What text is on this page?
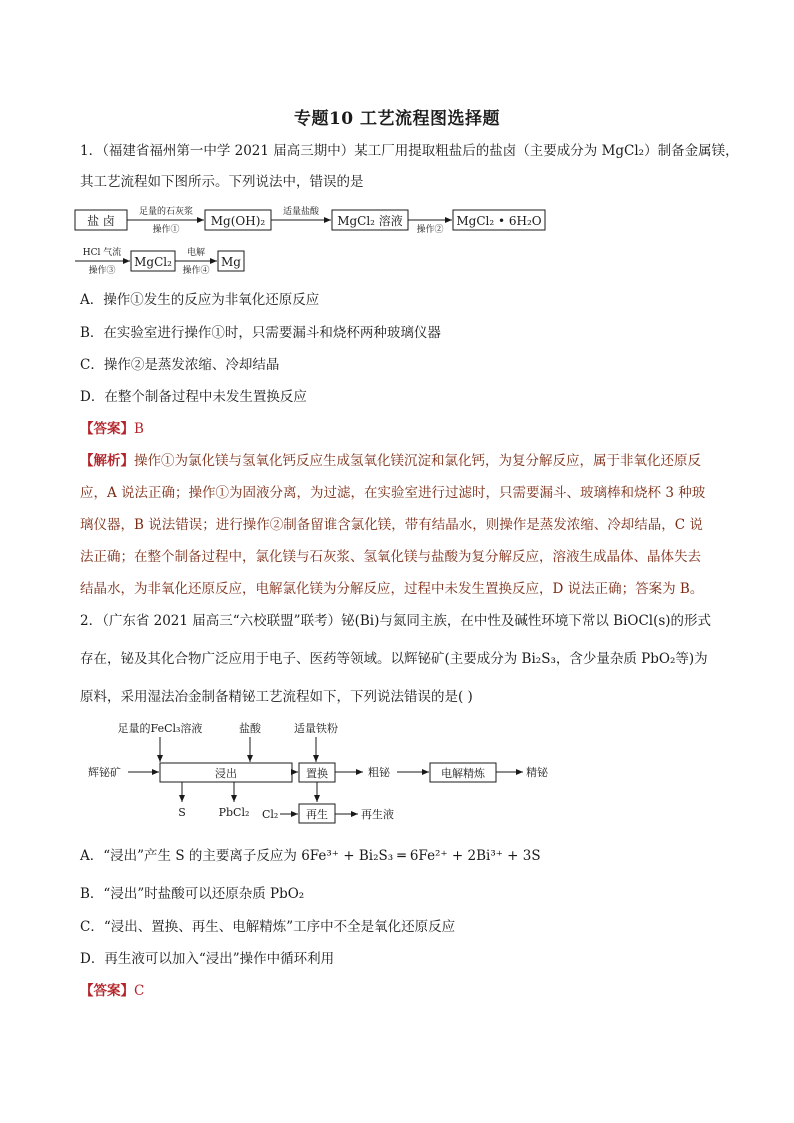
专题10 工艺流程图选择题
1．（福建省福州第一中学 2021 届高三期中）某工厂用提取粗盐后的盐卤（主要成分为 MgCl₂）制备金属镁，
其工艺流程如下图所示。下列说法中，错误的是
盐 卤
足量的石灰浆
操作①
Mg(OH)₂
适量盐酸
MgCl₂ 溶液
操作②
MgCl₂ • 6H₂O
HCl 气流
操作③
MgCl₂
电解
操作④
Mg
A．操作①发生的反应为非氧化还原反应
B．在实验室进行操作①时，只需要漏斗和烧杯两种玻璃仪器
C．操作②是蒸发浓缩、冷却结晶
D．在整个制备过程中未发生置换反应
【答案】B
【解析】操作①为氯化镁与氢氧化钙反应生成氢氧化镁沉淀和氯化钙，为复分解反应，属于非氧化还原反
应，A 说法正确；操作①为固液分离，为过滤，在实验室进行过滤时，只需要漏斗、玻璃棒和烧杯 3 种玻
璃仪器，B 说法错误；进行操作②制备留谁含氯化镁，带有结晶水，则操作是蒸发浓缩、冷却结晶，C 说
法正确；在整个制备过程中，氯化镁与石灰浆、氢氧化镁与盐酸为复分解反应，溶液生成晶体、晶体失去
结晶水，为非氧化还原反应，电解氯化镁为分解反应，过程中未发生置换反应，D 说法正确；答案为 B。
2．（广东省 2021 届高三“六校联盟”联考）铋(Bi)与氮同主族，在中性及碱性环境下常以 BiOCl(s)的形式
存在，铋及其化合物广泛应用于电子、医药等领域。以辉铋矿(主要成分为 Bi₂S₃，含少量杂质 PbO₂等)为
原料，采用湿法冶金制备精铋工艺流程如下，下列说法错误的是( )
足量的FeCl₃溶液	盐酸	适量铁粉
辉铋矿	浸出	置换	粗铋	电解精炼	精铋
S	PbCl₂ Cl₂	再生	再生液
A．“浸出”产生 S 的主要离子反应为 6Fe³⁺ + Bi₂S₃ ═ 6Fe²⁺ + 2Bi³⁺ + 3S
B．“浸出”时盐酸可以还原杂质 PbO₂
C．“浸出、置换、再生、电解精炼”工序中不全是氧化还原反应
D．再生液可以加入“浸出”操作中循环利用
【答案】C
